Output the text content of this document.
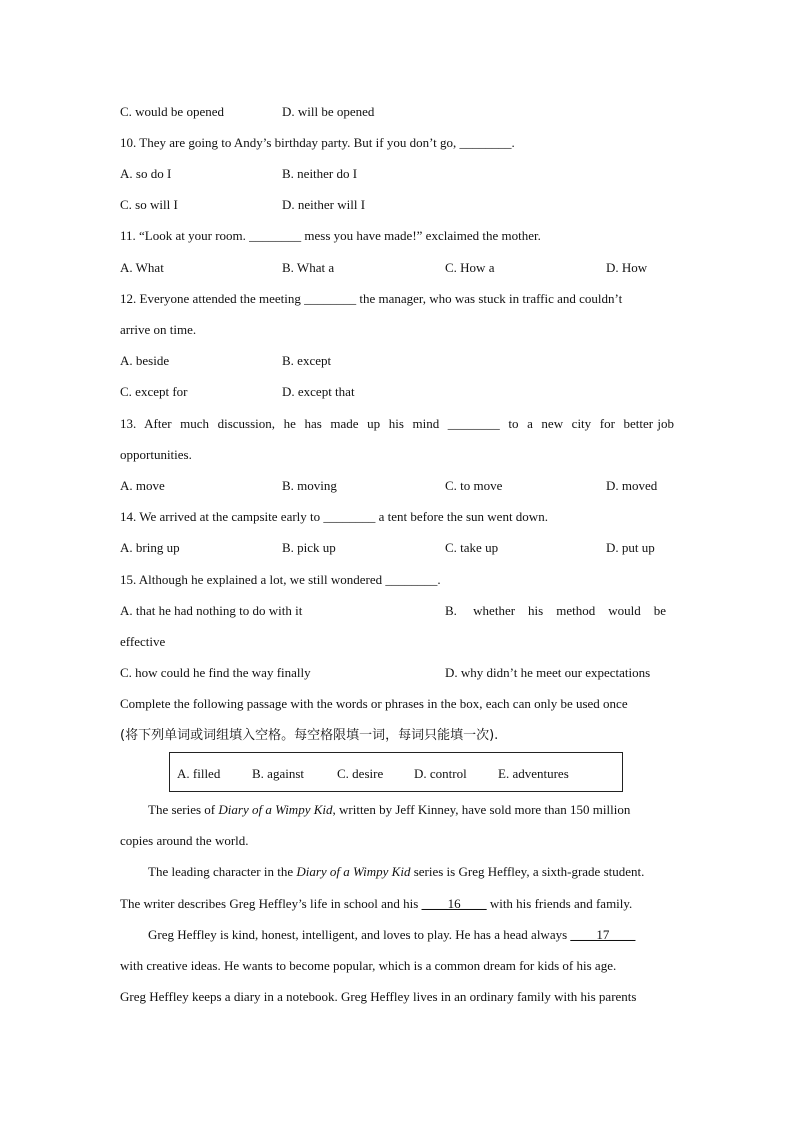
C. would be opened	D. will be opened
10. They are going to Andy’s birthday party. But if you don’t go, ________.
A. so do I	B. neither do I
C. so will I	D. neither will I
11. “Look at your room. ________ mess you have made!” exclaimed the mother.
A. What	B. What a	C. How a	D. How
12. Everyone attended the meeting ________ the manager, who was stuck in traffic and couldn’t
arrive on time.
A. beside	B. except
C. except for	D. except that
13.  After  much  discussion,  he  has  made  up  his  mind  ________  to  a  new  city  for  better job
opportunities.
A. move	B. moving	C. to move	D. moved
14. We arrived at the campsite early to ________ a tent before the sun went down.
A. bring up	B. pick up	C. take up	D. put up
15. Although he explained a lot, we still wondered ________.
A. that he had nothing to do with it	B.     whether    his    method    would    be
effective
C. how could he find the way finally	D. why didn’t he meet our expectations
Complete the following passage with the words or phrases in the box, each can only be used once
(将下列单词或词组填入空格。每空格限填一词，每词只能填一次).
A. filled B. against	C. desire D. control E. adventures
The series of Diary of a Wimpy Kid, written by Jeff Kinney, have sold more than 150 million
copies around the world.
The leading character in the Diary of a Wimpy Kid series is Greg Heffley, a sixth-grade student.
The writer describes Greg Heffley’s life in school and his ____16____ with his friends and family.
Greg Heffley is kind, honest, intelligent, and loves to play. He has a head always ____17____
with creative ideas. He wants to become popular, which is a common dream for kids of his age.
Greg Heffley keeps a diary in a notebook. Greg Heffley lives in an ordinary family with his parents
